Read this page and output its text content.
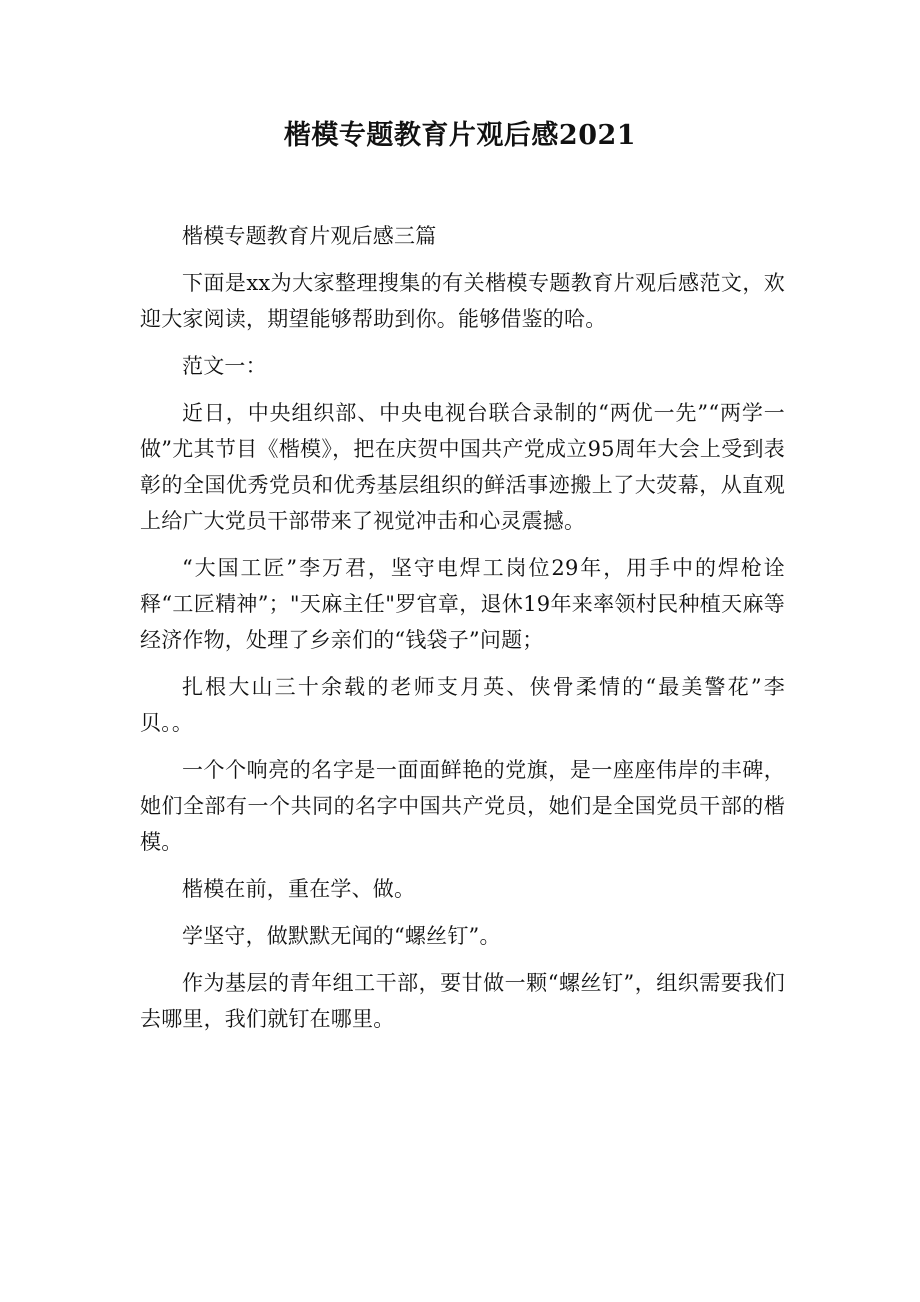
楷模专题教育片观后感2021

楷模专题教育片观后感三篇

下面是xx为大家整理搜集的有关楷模专题教育片观后感范文，欢迎大家阅读，期望能够帮助到你。能够借鉴的哈。

范文一：

近日，中央组织部、中央电视台联合录制的“两优一先”“两学一做”尤其节目《楷模》，把在庆贺中国共产党成立95周年大会上受到表彰的全国优秀党员和优秀基层组织的鲜活事迹搬上了大荧幕，从直观上给广大党员干部带来了视觉冲击和心灵震撼。

“大国工匠”李万君，坚守电焊工岗位29年，用手中的焊枪诠释“工匠精神”；"天麻主任"罗官章，退休19年来率领村民种植天麻等经济作物，处理了乡亲们的“钱袋子”问题；

扎根大山三十余载的老师支月英、侠骨柔情的“最美警花”李贝。。

一个个响亮的名字是一面面鲜艳的党旗，是一座座伟岸的丰碑，她们全部有一个共同的名字中国共产党员，她们是全国党员干部的楷模。

楷模在前，重在学、做。

学坚守，做默默无闻的“螺丝钉”。

作为基层的青年组工干部，要甘做一颗“螺丝钉”，组织需要我们去哪里，我们就钉在哪里。
